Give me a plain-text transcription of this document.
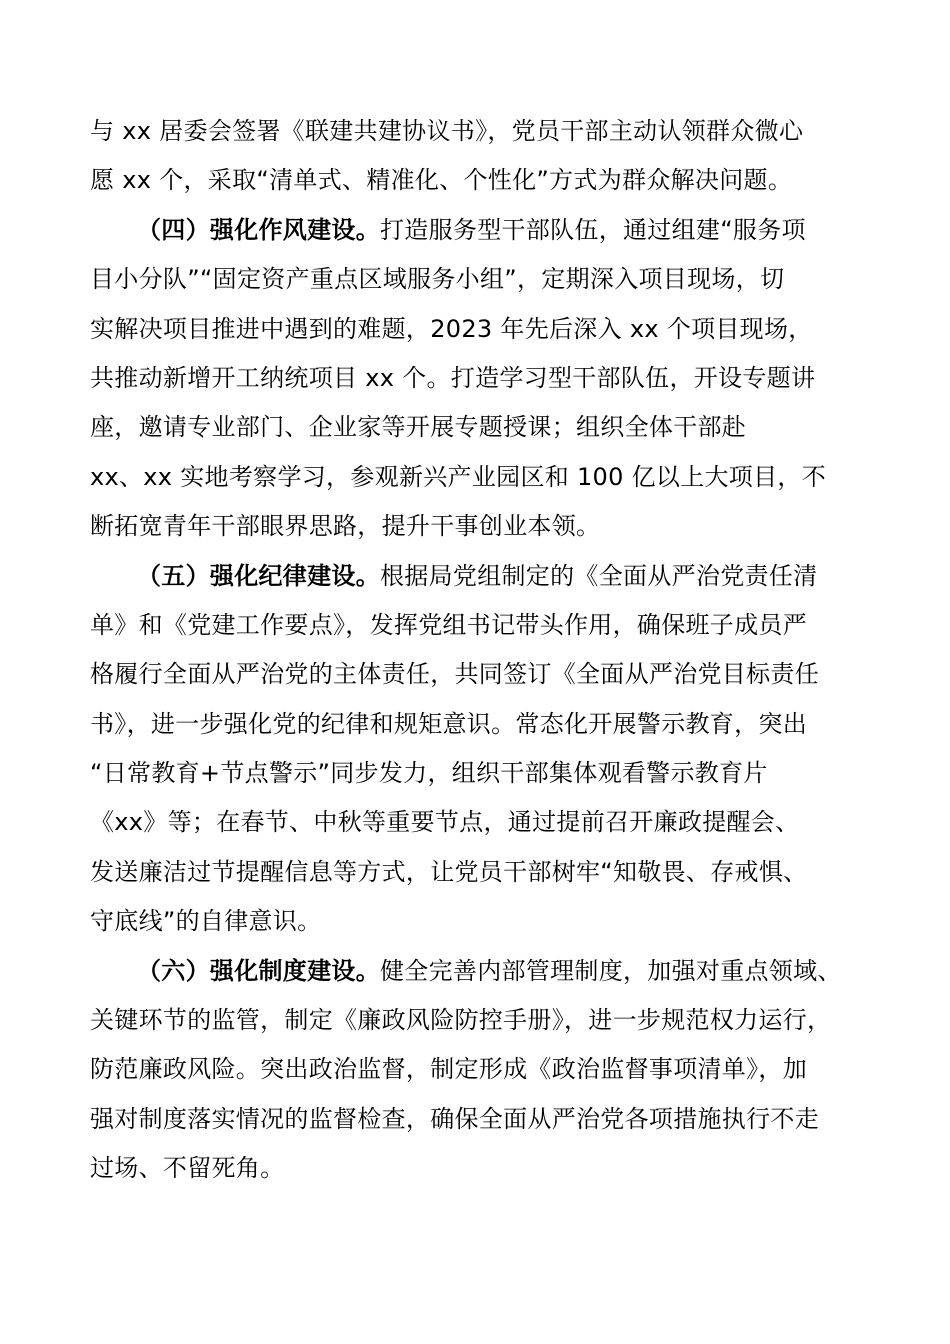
与 xx 居委会签署《联建共建协议书》，党员干部主动认领群众微心
愿 xx 个，采取“清单式、精准化、个性化”方式为群众解决问题。
（四）强化作风建设。打造服务型干部队伍，通过组建“服务项
目小分队”“固定资产重点区域服务小组”，定期深入项目现场，切
实解决项目推进中遇到的难题，2023 年先后深入 xx 个项目现场，
共推动新增开工纳统项目 xx 个。打造学习型干部队伍，开设专题讲
座，邀请专业部门、企业家等开展专题授课；组织全体干部赴
xx、xx 实地考察学习，参观新兴产业园区和 100 亿以上大项目，不
断拓宽青年干部眼界思路，提升干事创业本领。
（五）强化纪律建设。根据局党组制定的《全面从严治党责任清
单》和《党建工作要点》，发挥党组书记带头作用，确保班子成员严
格履行全面从严治党的主体责任，共同签订《全面从严治党目标责任
书》，进一步强化党的纪律和规矩意识。常态化开展警示教育，突出
“日常教育+节点警示”同步发力，组织干部集体观看警示教育片
《xx》等；在春节、中秋等重要节点，通过提前召开廉政提醒会、
发送廉洁过节提醒信息等方式，让党员干部树牢“知敬畏、存戒惧、
守底线”的自律意识。
（六）强化制度建设。健全完善内部管理制度，加强对重点领域、
关键环节的监管，制定《廉政风险防控手册》，进一步规范权力运行，
防范廉政风险。突出政治监督，制定形成《政治监督事项清单》，加
强对制度落实情况的监督检查，确保全面从严治党各项措施执行不走
过场、不留死角。
